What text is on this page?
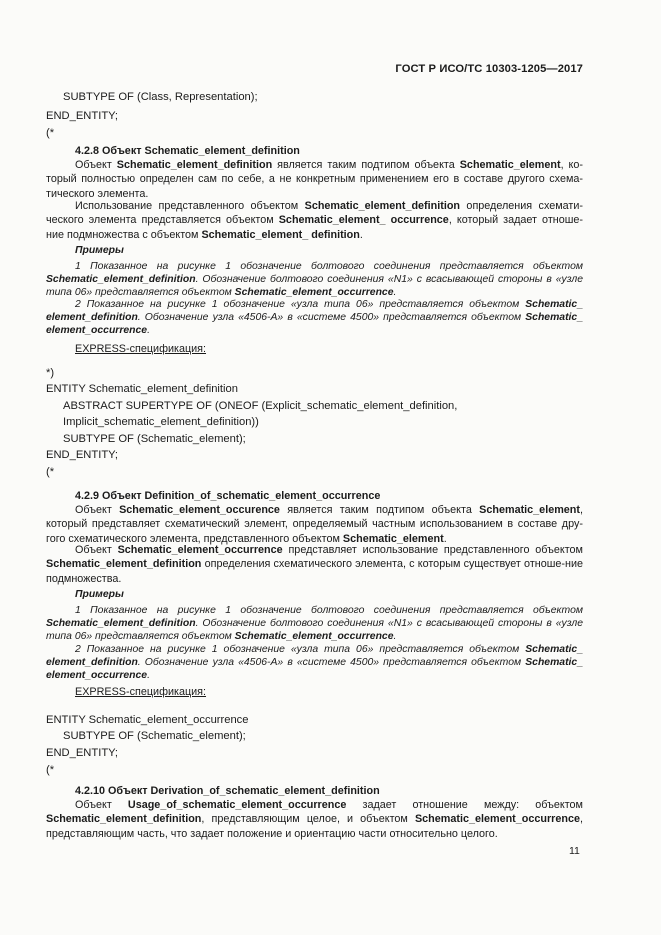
ГОСТ Р ИСО/ТС 10303-1205—2017
SUBTYPE OF (Class, Representation);
END_ENTITY;
(*
4.2.8 Объект Schematic_element_definition
Объект Schematic_element_definition является таким подтипом объекта Schematic_element, ко-торый полностью определен сам по себе, а не конкретным применением его в составе другого схема-тического элемента.
Использование представленного объектом Schematic_element_definition определения схемати-ческого элемента представляется объектом Schematic_element_ occurrence, который задает отноше-ние подмножества с объектом Schematic_element_ definition.
Примеры
1 Показанное на рисунке 1 обозначение болтового соединения представляется объектом Schematic_element_definition. Обозначение болтового соединения «N1» с всасывающей стороны в «узле типа 06» представляется объектом Schematic_element_occurrence.
2 Показанное на рисунке 1 обозначение «узла типа 06» представляется объектом Schematic_ element_definition. Обозначение узла «4506-А» в «системе 4500» представляется объектом Schematic_ element_occurrence.
EXPRESS-спецификация:
*)
ENTITY Schematic_element_definition
ABSTRACT SUPERTYPE OF (ONEOF (Explicit_schematic_element_definition,
Implicit_schematic_element_definition))
SUBTYPE OF (Schematic_element);
END_ENTITY;
(*
4.2.9 Объект Definition_of_schematic_element_occurrence
Объект Schematic_element_occurence является таким подтипом объекта Schematic_element, который представляет схематический элемент, определяемый частным использованием в составе дру-гого схематического элемента, представленного объектом Schematic_element.
Объект Schematic_element_occurrence представляет использование представленного объектом Schematic_element_definition определения схематического элемента, с которым существует отноше-ние подмножества.
Примеры
1 Показанное на рисунке 1 обозначение болтового соединения представляется объектом Schematic_element_definition. Обозначение болтового соединения «N1» с всасывающей стороны в «узле типа 06» представляется объектом Schematic_element_occurrence.
2 Показанное на рисунке 1 обозначение «узла типа 06» представляется объектом Schematic_ element_definition. Обозначение узла «4506-А» в «системе 4500» представляется объектом Schematic_ element_occurrence.
EXPRESS-спецификация:
ENTITY Schematic_element_occurrence
SUBTYPE OF (Schematic_element);
END_ENTITY;
(*
4.2.10 Объект Derivation_of_schematic_element_definition
Объект Usage_of_schematic_element_occurrence задает отношение между: объектом Schematic_element_definition, представляющим целое, и объектом Schematic_element_occurrence, представляющим часть, что задает положение и ориентацию части относительно целого.
11
